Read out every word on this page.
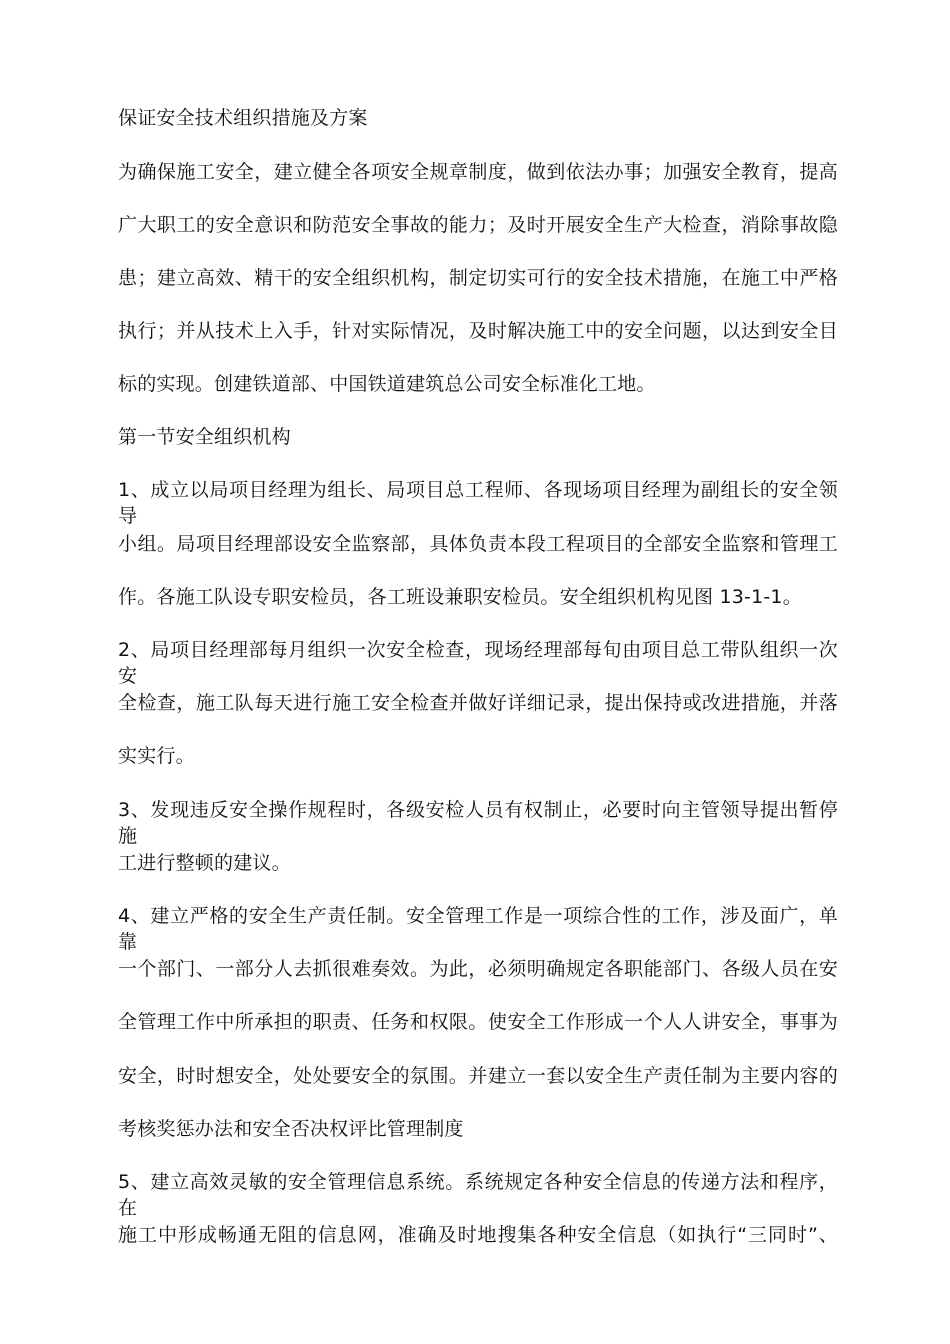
保证安全技术组织措施及方案
为确保施工安全，建立健全各项安全规章制度，做到依法办事；加强安全教育，提高
广大职工的安全意识和防范安全事故的能力；及时开展安全生产大检查，消除事故隐
患；建立高效、精干的安全组织机构，制定切实可行的安全技术措施，在施工中严格
执行；并从技术上入手，针对实际情况，及时解决施工中的安全问题，以达到安全目
标的实现。创建铁道部、中国铁道建筑总公司安全标准化工地。
第一节安全组织机构
1、成立以局项目经理为组长、局项目总工程师、各现场项目经理为副组长的安全领导
小组。局项目经理部设安全监察部，具体负责本段工程项目的全部安全监察和管理工
作。各施工队设专职安检员，各工班设兼职安检员。安全组织机构见图 13-1-1。
2、局项目经理部每月组织一次安全检查，现场经理部每旬由项目总工带队组织一次安
全检查，施工队每天进行施工安全检查并做好详细记录，提出保持或改进措施，并落
实实行。
3、发现违反安全操作规程时，各级安检人员有权制止，必要时向主管领导提出暂停施
工进行整顿的建议。
4、建立严格的安全生产责任制。安全管理工作是一项综合性的工作，涉及面广，单靠
一个部门、一部分人去抓很难奏效。为此，必须明确规定各职能部门、各级人员在安
全管理工作中所承担的职责、任务和权限。使安全工作形成一个人人讲安全，事事为
安全，时时想安全，处处要安全的氛围。并建立一套以安全生产责任制为主要内容的
考核奖惩办法和安全否决权评比管理制度
5、建立高效灵敏的安全管理信息系统。系统规定各种安全信息的传递方法和程序，在
施工中形成畅通无阻的信息网，准确及时地搜集各种安全信息（如执行“三同时”、
